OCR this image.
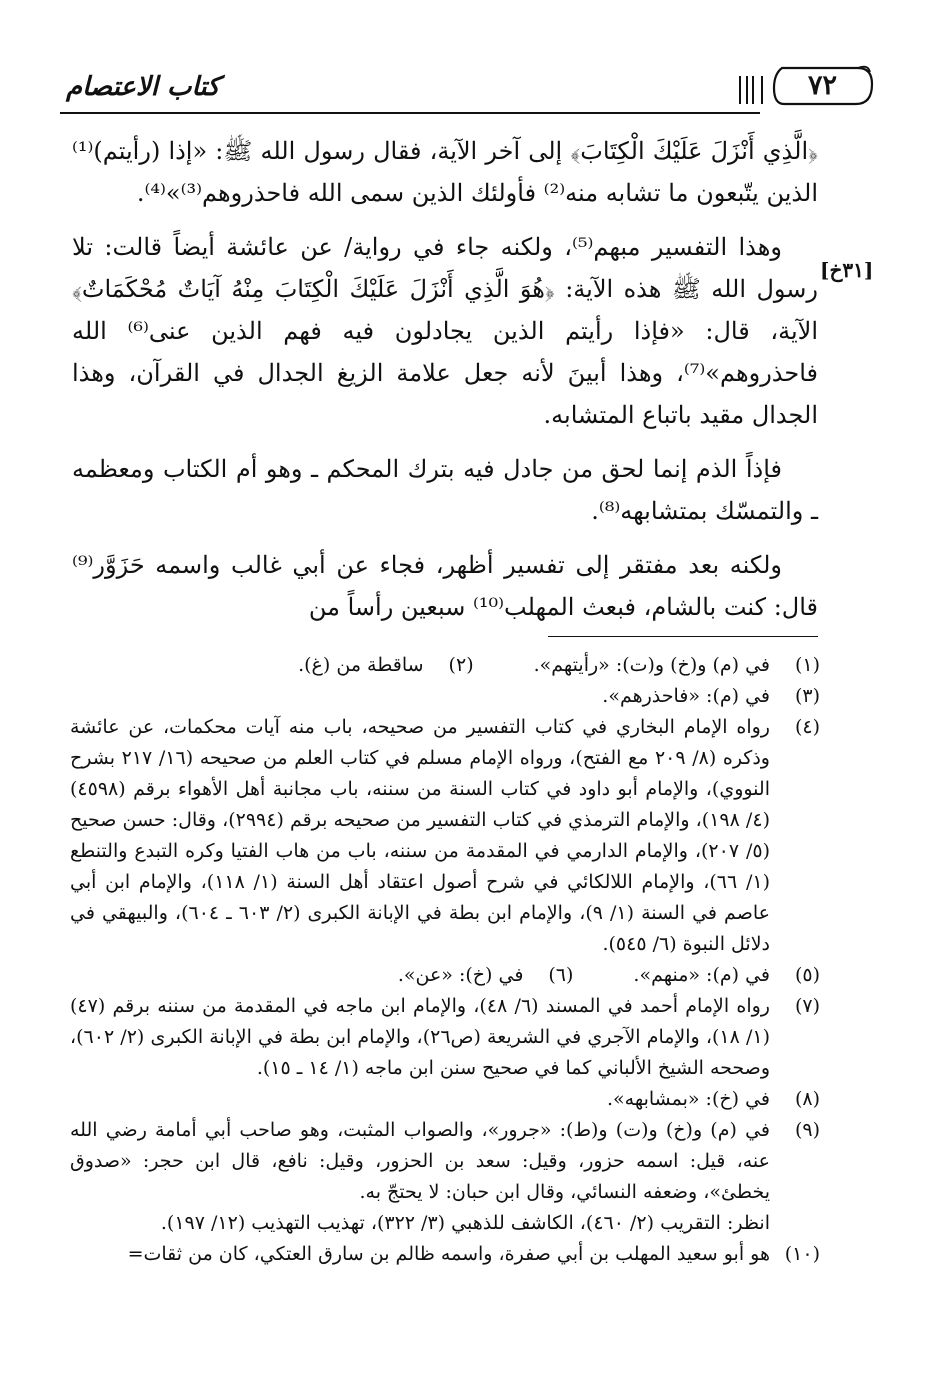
كتاب الاعتصام	٧٢
[٣١خ]

﴿الَّذِي أَنْزَلَ عَلَيْكَ الْكِتَابَ﴾ إلى آخر الآية، فقال رسول الله ﷺ: «إذا (رأيتم)⁽¹⁾ الذين يتّبعون ما تشابه منه⁽²⁾ فأولئك الذين سمى الله فاحذروهم⁽³⁾»⁽⁴⁾.

وهذا التفسير مبهم⁽⁵⁾، ولكنه جاء في رواية/ عن عائشة أيضاً قالت: تلا رسول الله ﷺ هذه الآية: ﴿هُوَ الَّذِي أَنْزَلَ عَلَيْكَ الْكِتَابَ مِنْهُ آيَاتٌ مُحْكَمَاتٌ﴾ الآية، قال: «فإذا رأيتم الذين يجادلون فيه فهم الذين عنى⁽⁶⁾ الله فاحذروهم»⁽⁷⁾، وهذا أبينَ لأنه جعل علامة الزيغ الجدال في القرآن، وهذا الجدال مقيد باتباع المتشابه.

فإذاً الذم إنما لحق من جادل فيه بترك المحكم ـ وهو أم الكتاب ومعظمه ـ والتمسّك بمتشابهه⁽⁸⁾.

ولكنه بعد مفتقر إلى تفسير أظهر، فجاء عن أبي غالب واسمه حَزَوَّر⁽⁹⁾ قال: كنت بالشام، فبعث المهلب⁽¹⁰⁾ سبعين رأساً من

(١)
في (م) و(خ) و(ت): «رأيتهم».
(٢)
ساقطة من (غ).
(٣)
في (م): «فاحذرهم».
(٤)
رواه الإمام البخاري في كتاب التفسير من صحيحه، باب منه آيات محكمات، عن عائشة وذكره (٨/ ٢٠٩ مع الفتح)، ورواه الإمام مسلم في كتاب العلم من صحيحه (١٦/ ٢١٧ بشرح النووي)، والإمام أبو داود في كتاب السنة من سننه، باب مجانبة أهل الأهواء برقم (٤٥٩٨) (٤/ ١٩٨)، والإمام الترمذي في كتاب التفسير من صحيحه برقم (٢٩٩٤)، وقال: حسن صحيح (٥/ ٢٠٧)، والإمام الدارمي في المقدمة من سننه، باب من هاب الفتيا وكره التبدع والتنطع (١/ ٦٦)، والإمام اللالكائي في شرح أصول اعتقاد أهل السنة (١/ ١١٨)، والإمام ابن أبي عاصم في السنة (١/ ٩)، والإمام ابن بطة في الإبانة الكبرى (٢/ ٦٠٣ ـ ٦٠٤)، والبيهقي في دلائل النبوة (٦/ ٥٤٥).
(٥)
في (م): «منهم».
(٦)
في (خ): «عن».
(٧)
رواه الإمام أحمد في المسند (٦/ ٤٨)، والإمام ابن ماجه في المقدمة من سننه برقم (٤٧) (١/ ١٨)، والإمام الآجري في الشريعة (ص٢٦)، والإمام ابن بطة في الإبانة الكبرى (٢/ ٦٠٢)، وصححه الشيخ الألباني كما في صحيح سنن ابن ماجه (١/ ١٤ ـ ١٥).
(٨)
في (خ): «بمشابهه».
(٩)
في (م) و(خ) و(ت) و(ط): «جرور»، والصواب المثبت، وهو صاحب أبي أمامة رضي الله عنه، قيل: اسمه حزور، وقيل: سعد بن الحزور، وقيل: نافع، قال ابن حجر: «صدوق يخطئ»، وضعفه النسائي، وقال ابن حبان: لا يحتجّ به.
انظر: التقريب (٢/ ٤٦٠)، الكاشف للذهبي (٣/ ٣٢٢)، تهذيب التهذيب (١٢/ ١٩٧).
(١٠)
هو أبو سعيد المهلب بن أبي صفرة، واسمه ظالم بن سارق العتكي، كان من ثقات=
